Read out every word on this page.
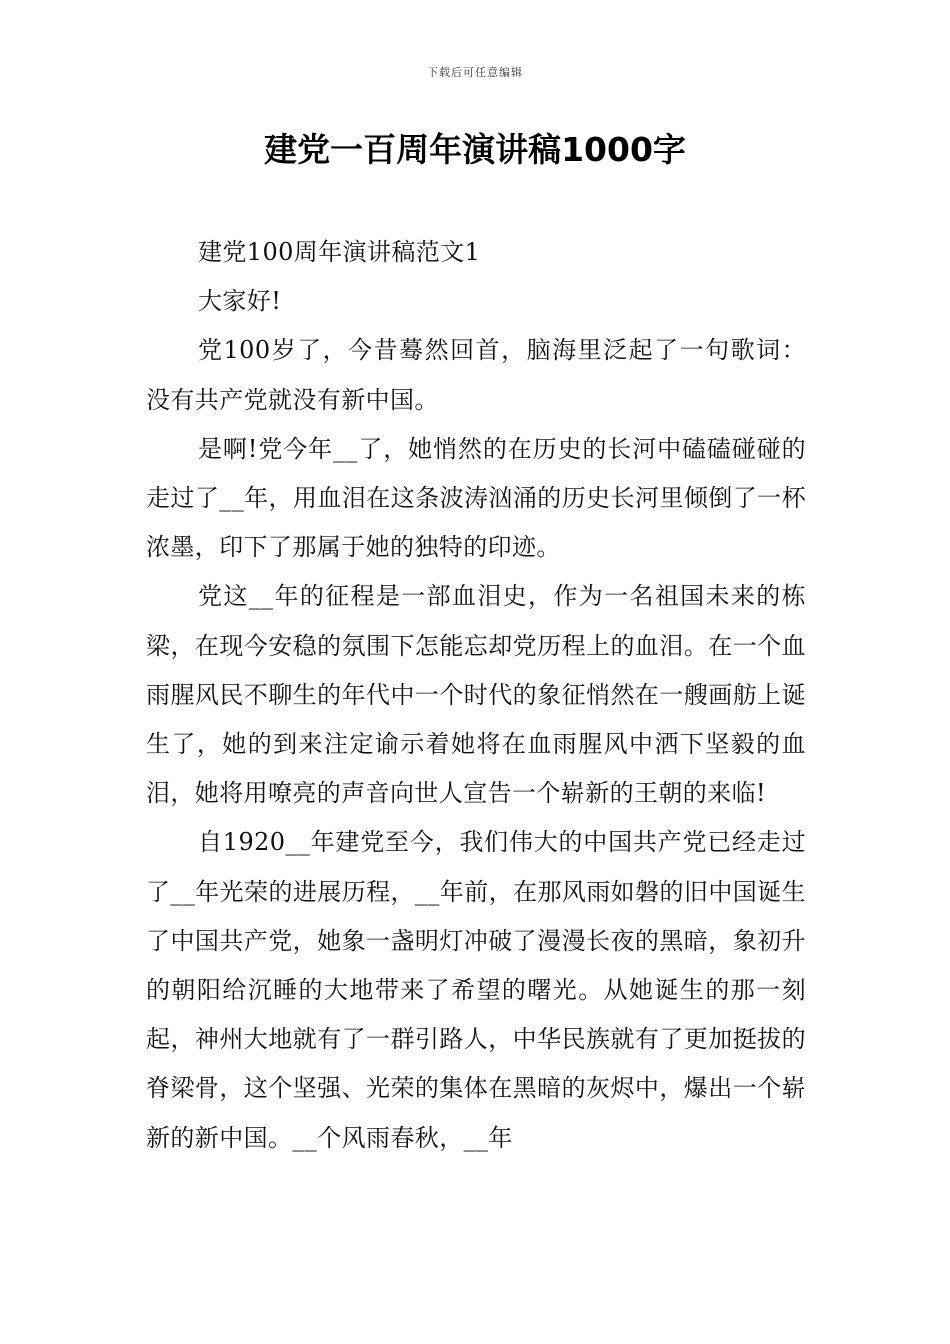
下载后可任意编辑
建党一百周年演讲稿1000字

建党100周年演讲稿范文1

大家好!

党100岁了，今昔蓦然回首，脑海里泛起了一句歌词：没有共产党就没有新中国。

是啊!党今年__了，她悄然的在历史的长河中磕磕碰碰的走过了__年，用血泪在这条波涛汹涌的历史长河里倾倒了一杯浓墨，印下了那属于她的独特的印迹。

党这__年的征程是一部血泪史，作为一名祖国未来的栋梁，在现今安稳的氛围下怎能忘却党历程上的血泪。在一个血雨腥风民不聊生的年代中一个时代的象征悄然在一艘画舫上诞生了，她的到来注定谕示着她将在血雨腥风中洒下坚毅的血泪，她将用嘹亮的声音向世人宣告一个崭新的王朝的来临!

自1920__年建党至今，我们伟大的中国共产党已经走过了__年光荣的进展历程，__年前，在那风雨如磐的旧中国诞生了中国共产党，她象一盏明灯冲破了漫漫长夜的黑暗，象初升的朝阳给沉睡的大地带来了希望的曙光。从她诞生的那一刻起，神州大地就有了一群引路人，中华民族就有了更加挺拔的脊梁骨，这个坚强、光荣的集体在黑暗的灰烬中，爆出一个崭新的新中国。__个风雨春秋，__年
